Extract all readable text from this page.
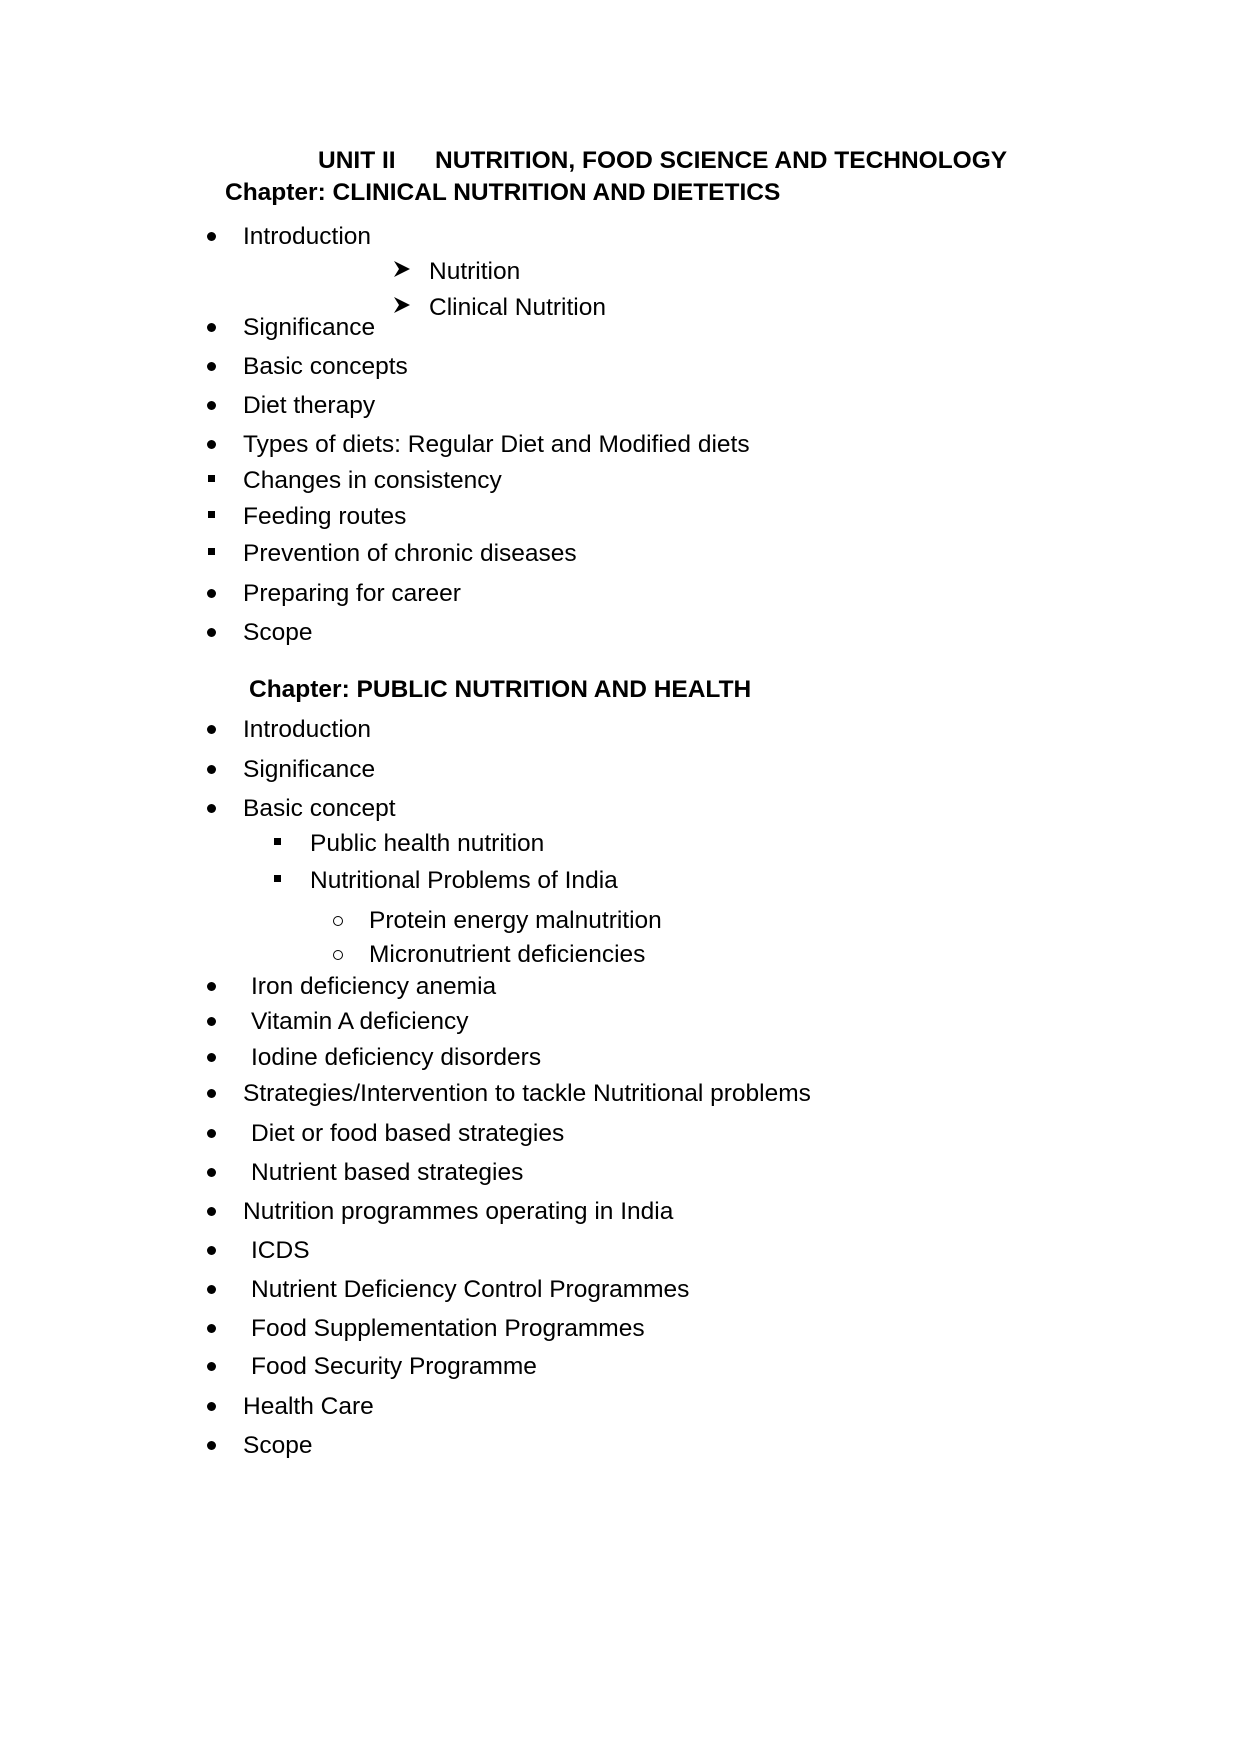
UNIT II NUTRITION, FOOD SCIENCE AND TECHNOLOGY
Chapter: CLINICAL NUTRITION AND DIETETICS
Introduction
Nutrition
Clinical Nutrition
Significance
Basic concepts
Diet therapy
Types of diets: Regular Diet and Modified diets
Changes in consistency
Feeding routes
Prevention of chronic diseases
Preparing for career
Scope
Chapter: PUBLIC NUTRITION AND HEALTH
Introduction
Significance
Basic concept
Public health nutrition
Nutritional Problems of India
Protein energy malnutrition
Micronutrient deficiencies
Iron deficiency anemia
Vitamin A deficiency
Iodine deficiency disorders
Strategies/Intervention to tackle Nutritional problems
Diet or food based strategies
Nutrient based strategies
Nutrition programmes operating in India
ICDS
Nutrient Deficiency Control Programmes
Food Supplementation Programmes
Food Security Programme
Health Care
Scope
